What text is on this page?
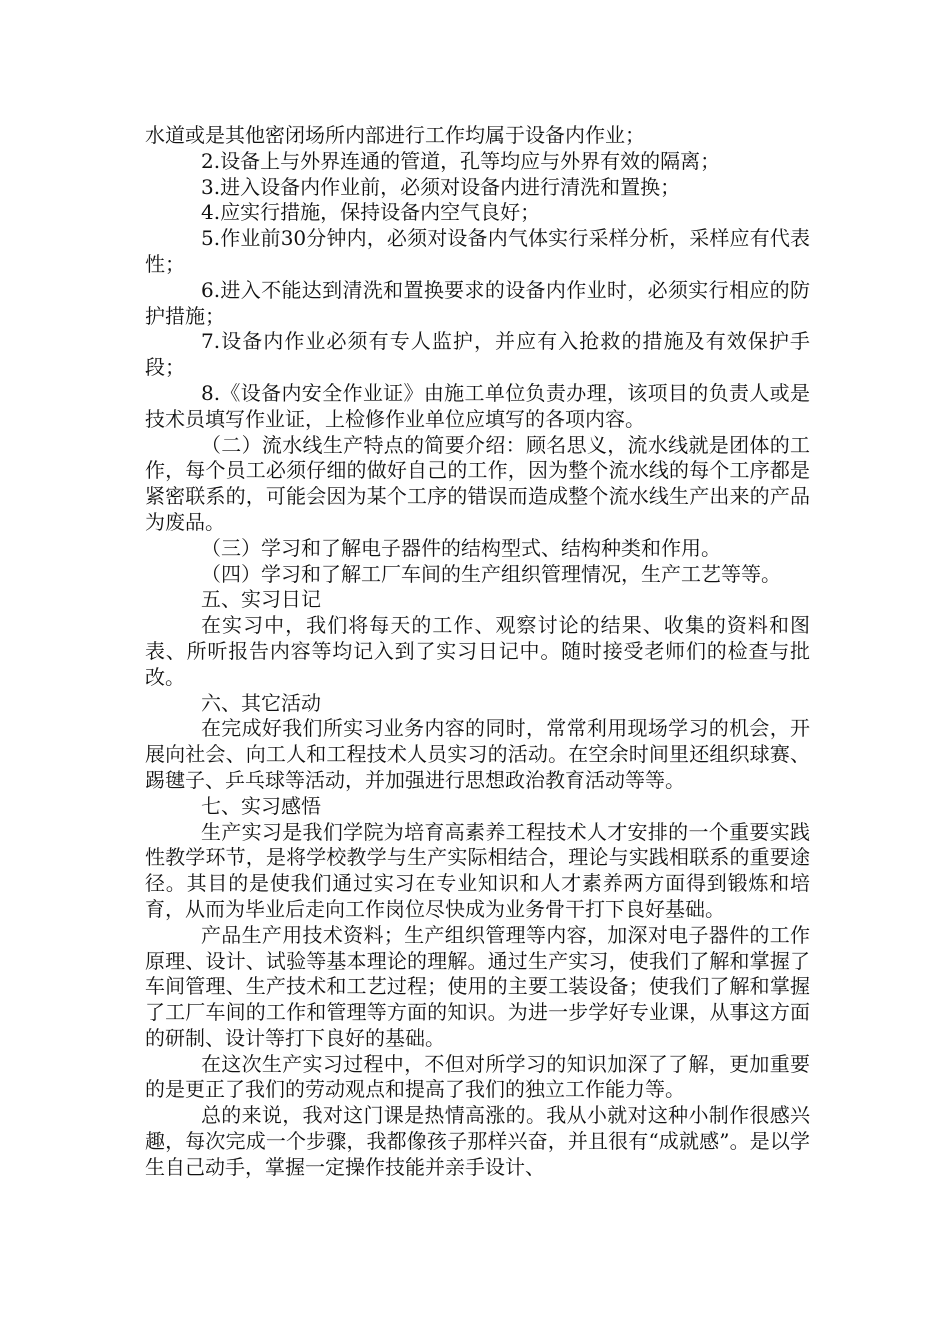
水道或是其他密闭场所内部进行工作均属于设备内作业；

2.设备上与外界连通的管道，孔等均应与外界有效的隔离；

3.进入设备内作业前，必须对设备内进行清洗和置换；

4.应实行措施，保持设备内空气良好；

5.作业前30分钟内，必须对设备内气体实行采样分析，采样应有代表性；

6.进入不能达到清洗和置换要求的设备内作业时，必须实行相应的防护措施；

7.设备内作业必须有专人监护，并应有入抢救的措施及有效保护手段；

8.《设备内安全作业证》由施工单位负责办理，该项目的负责人或是技术员填写作业证，上检修作业单位应填写的各项内容。

（二）流水线生产特点的简要介绍：顾名思义，流水线就是团体的工作，每个员工必须仔细的做好自己的工作，因为整个流水线的每个工序都是紧密联系的，可能会因为某个工序的错误而造成整个流水线生产出来的产品为废品。

（三）学习和了解电子器件的结构型式、结构种类和作用。

（四）学习和了解工厂车间的生产组织管理情况，生产工艺等等。

五、实习日记

在实习中，我们将每天的工作、观察讨论的结果、收集的资料和图表、所听报告内容等均记入到了实习日记中。随时接受老师们的检查与批改。

六、其它活动

在完成好我们所实习业务内容的同时，常常利用现场学习的机会，开展向社会、向工人和工程技术人员实习的活动。在空余时间里还组织球赛、踢毽子、乒乓球等活动，并加强进行思想政治教育活动等等。

七、实习感悟

生产实习是我们学院为培育高素养工程技术人才安排的一个重要实践性教学环节，是将学校教学与生产实际相结合，理论与实践相联系的重要途径。其目的是使我们通过实习在专业知识和人才素养两方面得到锻炼和培育，从而为毕业后走向工作岗位尽快成为业务骨干打下良好基础。

产品生产用技术资料；生产组织管理等内容，加深对电子器件的工作原理、设计、试验等基本理论的理解。通过生产实习，使我们了解和掌握了车间管理、生产技术和工艺过程；使用的主要工装设备；使我们了解和掌握了工厂车间的工作和管理等方面的知识。为进一步学好专业课，从事这方面的研制、设计等打下良好的基础。

在这次生产实习过程中，不但对所学习的知识加深了了解，更加重要的是更正了我们的劳动观点和提高了我们的独立工作能力等。

总的来说，我对这门课是热情高涨的。我从小就对这种小制作很感兴趣，每次完成一个步骤，我都像孩子那样兴奋，并且很有“成就感”。是以学生自己动手，掌握一定操作技能并亲手设计、
